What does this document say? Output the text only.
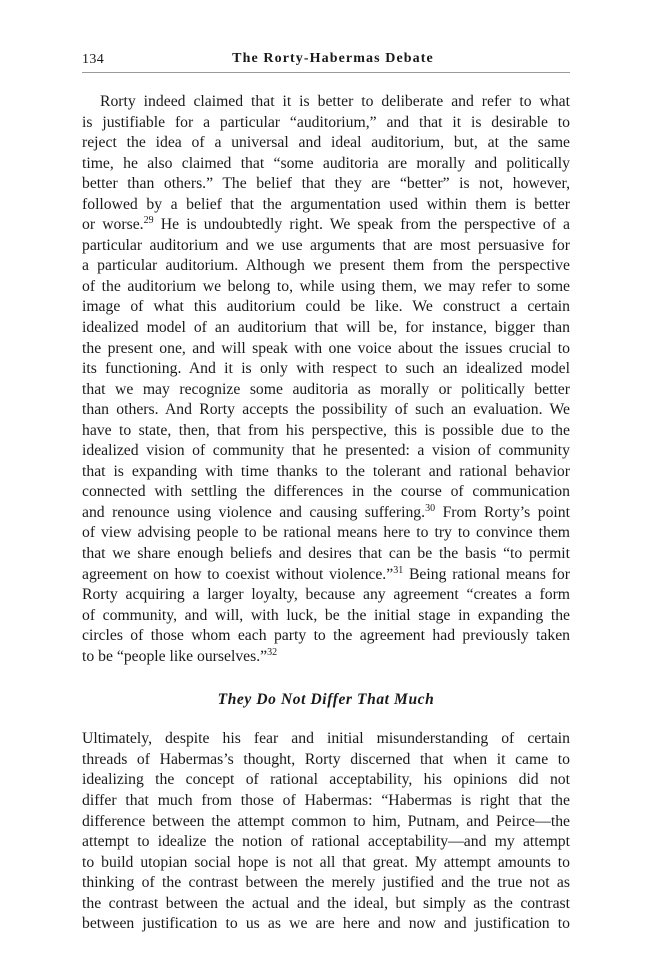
134	The Rorty-Habermas Debate

Rorty indeed claimed that it is better to deliberate and refer to what
is justifiable for a particular “auditorium,” and that it is desirable to
reject the idea of a universal and ideal auditorium, but, at the same
time, he also claimed that “some auditoria are morally and politically
better than others.” The belief that they are “better” is not, however,
followed by a belief that the argumentation used within them is better
or worse.$^{29}$ He is undoubtedly right. We speak from the perspective of a
particular auditorium and we use arguments that are most persuasive for
a particular auditorium. Although we present them from the perspective
of the auditorium we belong to, while using them, we may refer to some
image of what this auditorium could be like. We construct a certain
idealized model of an auditorium that will be, for instance, bigger than
the present one, and will speak with one voice about the issues crucial to
its functioning. And it is only with respect to such an idealized model
that we may recognize some auditoria as morally or politically better
than others. And Rorty accepts the possibility of such an evaluation. We
have to state, then, that from his perspective, this is possible due to the
idealized vision of community that he presented: a vision of community
that is expanding with time thanks to the tolerant and rational behavior
connected with settling the differences in the course of communication
and renounce using violence and causing suffering.$^{30}$ From Rorty’s point
of view advising people to be rational means here to try to convince them
that we share enough beliefs and desires that can be the basis “to permit
agreement on how to coexist without violence.”$^{31}$ Being rational means for
Rorty acquiring a larger loyalty, because any agreement “creates a form
of community, and will, with luck, be the initial stage in expanding the
circles of those whom each party to the agreement had previously taken
to be “people like ourselves.”$^{32}$

They Do Not Differ That Much

Ultimately, despite his fear and initial misunderstanding of certain
threads of Habermas’s thought, Rorty discerned that when it came to
idealizing the concept of rational acceptability, his opinions did not
differ that much from those of Habermas: “Habermas is right that the
difference between the attempt common to him, Putnam, and Peirce—the
attempt to idealize the notion of rational acceptability—and my attempt
to build utopian social hope is not all that great. My attempt amounts to
thinking of the contrast between the merely justified and the true not as
the contrast between the actual and the ideal, but simply as the contrast
between justification to us as we are here and now and justification to
